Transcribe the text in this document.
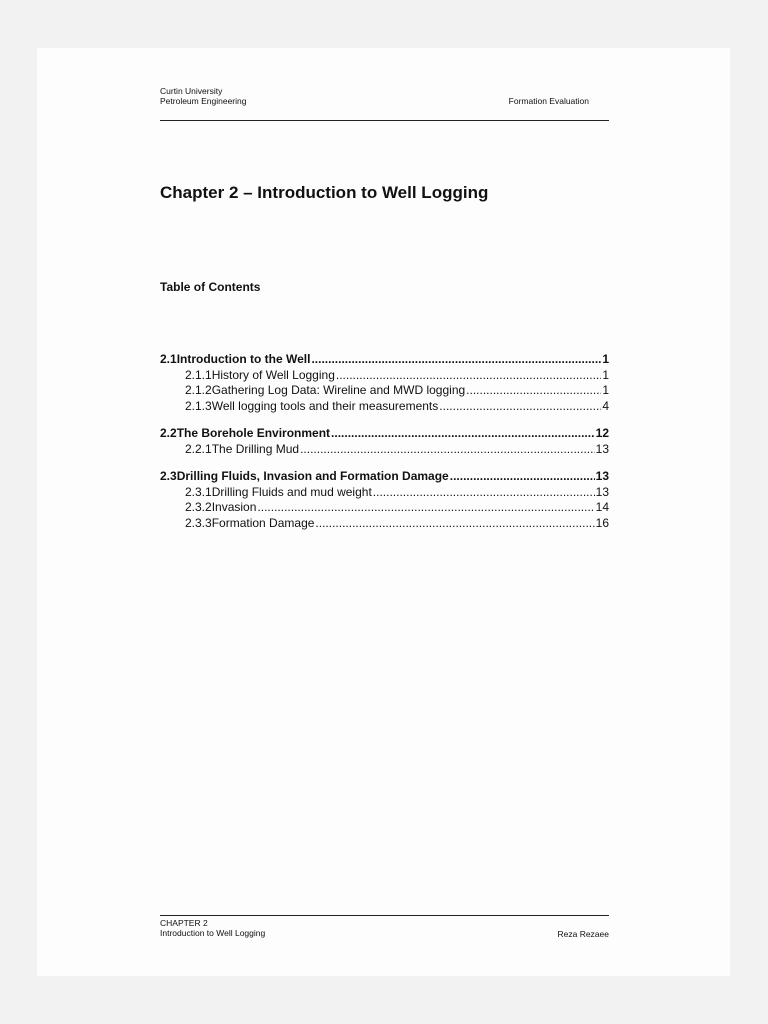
Curtin University
Petroleum Engineering	Formation Evaluation
Chapter 2 – Introduction to Well Logging
Table of Contents
2.1 Introduction to the Well .....	1
2.1.1 History of Well Logging .....	1
2.1.2 Gathering Log Data: Wireline and MWD logging .....	1
2.1.3 Well logging tools and their measurements .....	4
2.2 The Borehole Environment .....	12
2.2.1 The Drilling Mud .....	13
2.3 Drilling Fluids, Invasion and Formation Damage .....	13
2.3.1 Drilling Fluids and mud weight .....	13
2.3.2 Invasion .....	14
2.3.3 Formation Damage .....	16
CHAPTER 2
Introduction to Well Logging	Reza Rezaee
